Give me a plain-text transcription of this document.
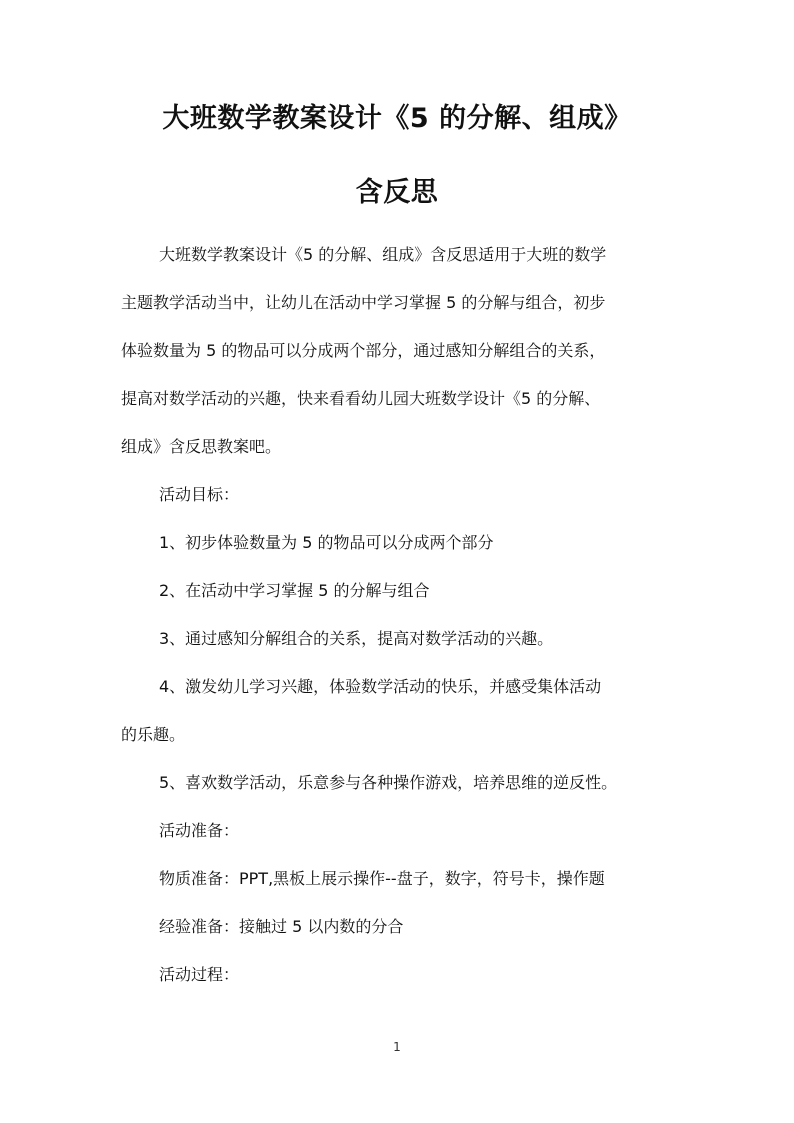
大班数学教案设计《5 的分解、组成》
含反思
大班数学教案设计《5 的分解、组成》含反思适用于大班的数学
主题教学活动当中，让幼儿在活动中学习掌握 5 的分解与组合，初步
体验数量为 5 的物品可以分成两个部分，通过感知分解组合的关系，
提高对数学活动的兴趣，快来看看幼儿园大班数学设计《5 的分解、
组成》含反思教案吧。
活动目标：
1、初步体验数量为 5 的物品可以分成两个部分
2、在活动中学习掌握 5 的分解与组合
3、通过感知分解组合的关系，提高对数学活动的兴趣。
4、激发幼儿学习兴趣，体验数学活动的快乐，并感受集体活动
的乐趣。
5、喜欢数学活动，乐意参与各种操作游戏，培养思维的逆反性。
活动准备：
物质准备：PPT,黑板上展示操作--盘子，数字，符号卡，操作题
经验准备：接触过 5 以内数的分合
活动过程：
1
